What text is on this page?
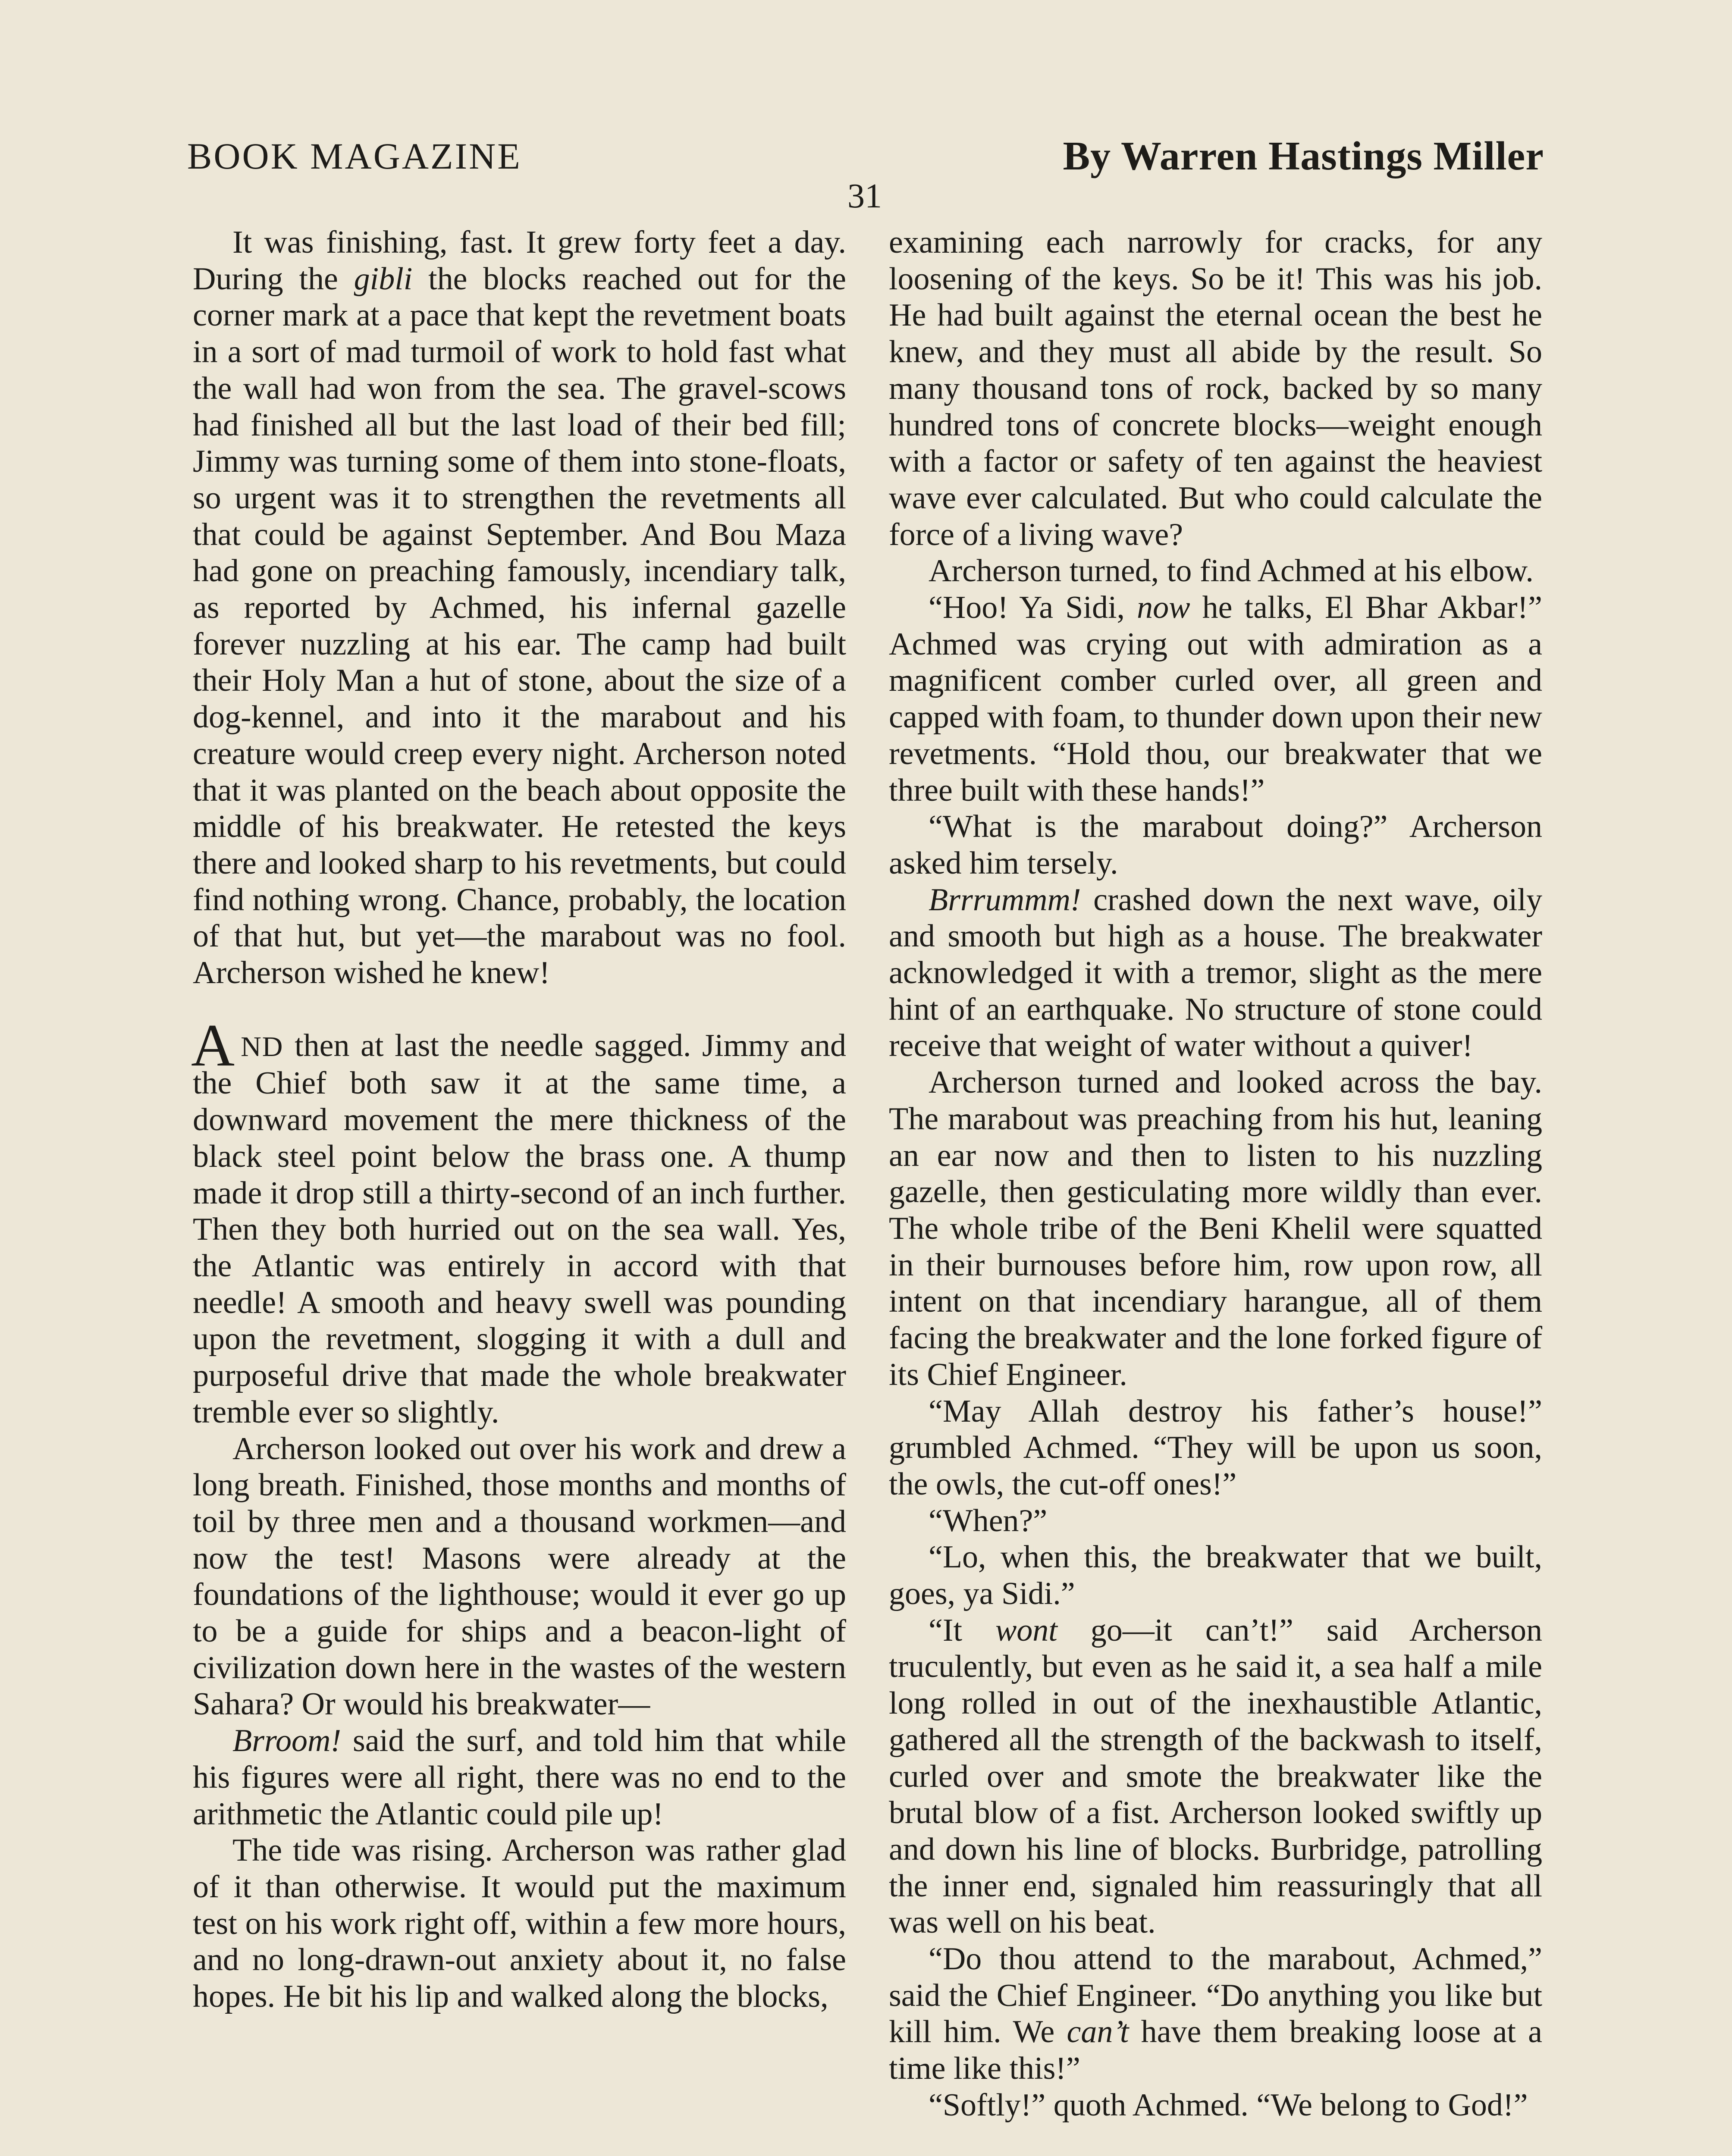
BOOK MAGAZINE	By Warren Hastings Miller
31

It was finishing, fast. It grew forty feet a day. During the gibli the blocks reached out for the corner mark at a pace that kept the revetment boats in a sort of mad turmoil of work to hold fast what the wall had won from the sea. The gravel-scows had finished all but the last load of their bed fill; Jimmy was turning some of them into stone-floats, so urgent was it to strengthen the revetments all that could be against September. And Bou Maza had gone on preaching famously, incendiary talk, as reported by Achmed, his infernal gazelle forever nuzzling at his ear. The camp had built their Holy Man a hut of stone, about the size of a dog-kennel, and into it the marabout and his creature would creep every night. Archerson noted that it was planted on the beach about opposite the middle of his breakwater. He retested the keys there and looked sharp to his revetments, but could find nothing wrong. Chance, probably, the location of that hut, but yet—the marabout was no fool. Archerson wished he knew!

AND then at last the needle sagged. Jimmy and the Chief both saw it at the same time, a downward movement the mere thickness of the black steel point below the brass one. A thump made it drop still a thirty-second of an inch further. Then they both hurried out on the sea wall. Yes, the Atlantic was entirely in accord with that needle! A smooth and heavy swell was pounding upon the revetment, slogging it with a dull and purposeful drive that made the whole breakwater tremble ever so slightly.

Archerson looked out over his work and drew a long breath. Finished, those months and months of toil by three men and a thousand workmen—and now the test! Masons were already at the foundations of the lighthouse; would it ever go up to be a guide for ships and a beacon-light of civilization down here in the wastes of the western Sahara? Or would his breakwater—

Brroom! said the surf, and told him that while his figures were all right, there was no end to the arithmetic the Atlantic could pile up!

The tide was rising. Archerson was rather glad of it than otherwise. It would put the maximum test on his work right off, within a few more hours, and no long-drawn-out anxiety about it, no false hopes. He bit his lip and walked along the blocks,

examining each narrowly for cracks, for any loosening of the keys. So be it! This was his job. He had built against the eternal ocean the best he knew, and they must all abide by the result. So many thousand tons of rock, backed by so many hundred tons of concrete blocks—weight enough with a factor or safety of ten against the heaviest wave ever calculated. But who could calculate the force of a living wave?

Archerson turned, to find Achmed at his elbow.

“Hoo! Ya Sidi, now he talks, El Bhar Akbar!” Achmed was crying out with admiration as a magnificent comber curled over, all green and capped with foam, to thunder down upon their new revetments. “Hold thou, our breakwater that we three built with these hands!”

“What is the marabout doing?” Archerson asked him tersely.

Brrrummm! crashed down the next wave, oily and smooth but high as a house. The breakwater acknowledged it with a tremor, slight as the mere hint of an earthquake. No structure of stone could receive that weight of water without a quiver!

Archerson turned and looked across the bay. The marabout was preaching from his hut, leaning an ear now and then to listen to his nuzzling gazelle, then gesticulating more wildly than ever. The whole tribe of the Beni Khelil were squatted in their burnouses before him, row upon row, all intent on that incendiary harangue, all of them facing the breakwater and the lone forked figure of its Chief Engineer.

“May Allah destroy his father’s house!” grumbled Achmed. “They will be upon us soon, the owls, the cut-off ones!”

“When?”

“Lo, when this, the breakwater that we built, goes, ya Sidi.”

“It wont go—it can’t!” said Archerson truculently, but even as he said it, a sea half a mile long rolled in out of the inexhaustible Atlantic, gathered all the strength of the backwash to itself, curled over and smote the breakwater like the brutal blow of a fist. Archerson looked swiftly up and down his line of blocks. Burbridge, patrolling the inner end, signaled him reassuringly that all was well on his beat.

“Do thou attend to the marabout, Achmed,” said the Chief Engineer. “Do anything you like but kill him. We can’t have them breaking loose at a time like this!”

“Softly!” quoth Achmed. “We belong to God!”
